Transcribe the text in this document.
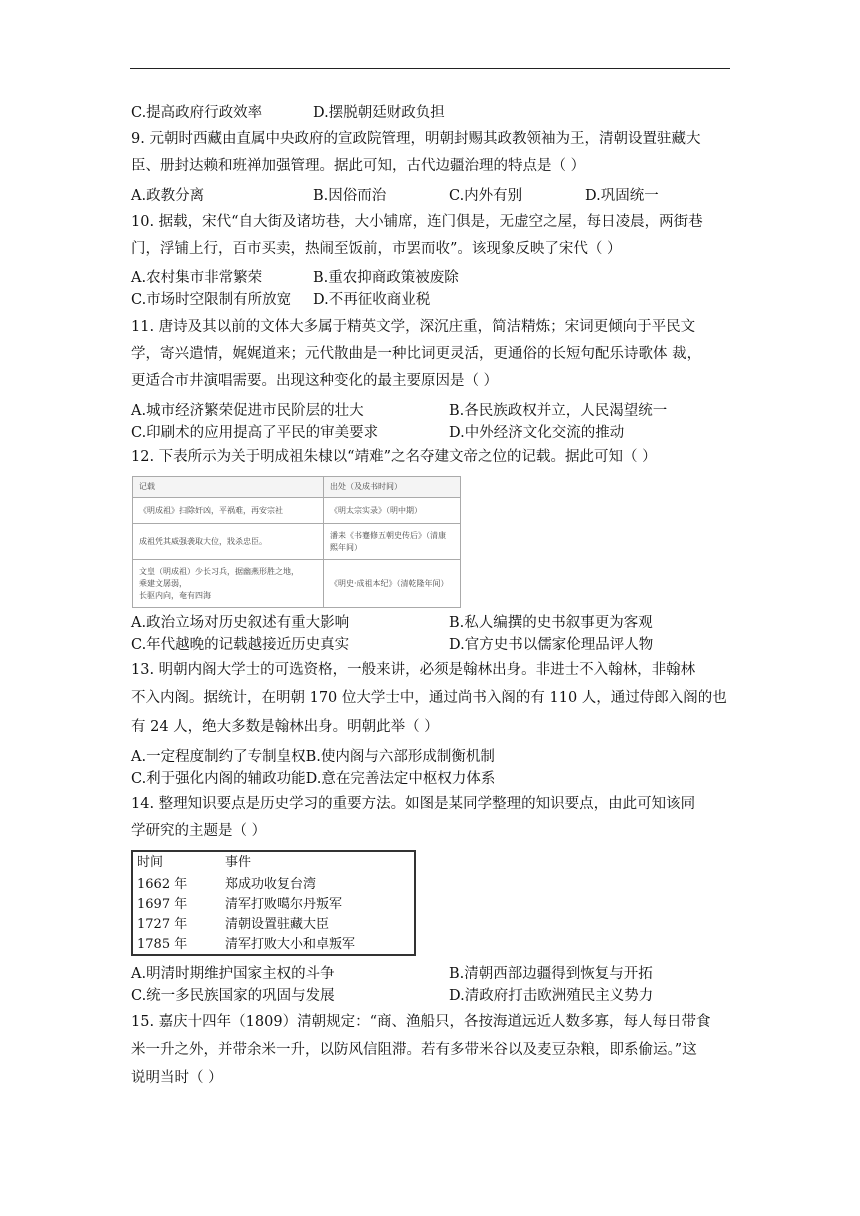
C.提高政府行政效率	D.摆脱朝廷财政负担
9. 元朝时西藏由直属中央政府的宣政院管理，明朝封赐其政教领袖为王，清朝设置驻藏大
臣、册封达赖和班禅加强管理。据此可知，古代边疆治理的特点是（ ）
A.政教分离	B.因俗而治	C.内外有别	D.巩固统一
10. 据载，宋代“自大街及诸坊巷，大小铺席，连门俱是，无虚空之屋，每日凌晨，两街巷
门，浮铺上行，百市买卖，热闹至饭前，市罢而收”。该现象反映了宋代（ ）
A.农村集市非常繁荣	B.重农抑商政策被废除
C.市场时空限制有所放宽 D.不再征收商业税
11. 唐诗及其以前的文体大多属于精英文学，深沉庄重，简洁精炼；宋词更倾向于平民文
学，寄兴遣情，娓娓道来；元代散曲是一种比词更灵活，更通俗的长短句配乐诗歌体 裁，
更适合市井演唱需要。出现这种变化的最主要原因是（ ）
A.城市经济繁荣促进市民阶层的壮大	B.各民族政权并立，人民渴望统一
C.印刷术的应用提高了平民的审美要求	D.中外经济文化交流的推动
12. 下表所示为关于明成祖朱棣以“靖难”之名夺建文帝之位的记载。据此可知（ ）
记载	出处（及成书时间）
《明成祖》扫除奸凶，平祸难，再安宗社	《明太宗实录》（明中期）
成祖凭其威强袭取大位，戕杀忠臣。	潘耒《书蹇修五朝史传后》（清康
熙年间）
文皇（明成祖）少长习兵，据幽燕形胜之地，
乘建文孱弱，
长驱内向，奄有四海	《明史·成祖本纪》（清乾隆年间）
A.政治立场对历史叙述有重大影响	B.私人编撰的史书叙事更为客观
C.年代越晚的记载越接近历史真实	D.官方史书以儒家伦理品评人物
13. 明朝内阁大学士的可选资格，一般来讲，必须是翰林出身。非进士不入翰林，非翰林
不入内阁。据统计，在明朝 170 位大学士中，通过尚书入阁的有 110 人，通过侍郎入阁的也
有 24 人，绝大多数是翰林出身。明朝此举（ ）
A.一定程度制约了专制皇权B.使内阁与六部形成制衡机制
C.利于强化内阁的辅政功能D.意在完善法定中枢权力体系
14. 整理知识要点是历史学习的重要方法。如图是某同学整理的知识要点，由此可知该同
学研究的主题是（ ）
时间	事件
1662 年	郑成功收复台湾
1697 年	清军打败噶尔丹叛军
1727 年	清朝设置驻藏大臣
1785 年	清军打败大小和卓叛军
A.明清时期维护国家主权的斗争	B.清朝西部边疆得到恢复与开拓
C.统一多民族国家的巩固与发展	D.清政府打击欧洲殖民主义势力
15. 嘉庆十四年（1809）清朝规定：“商、渔船只，各按海道远近人数多寡，每人每日带食
米一升之外，并带余米一升，以防风信阻滞。若有多带米谷以及麦豆杂粮，即系偷运。”这
说明当时（ ）
